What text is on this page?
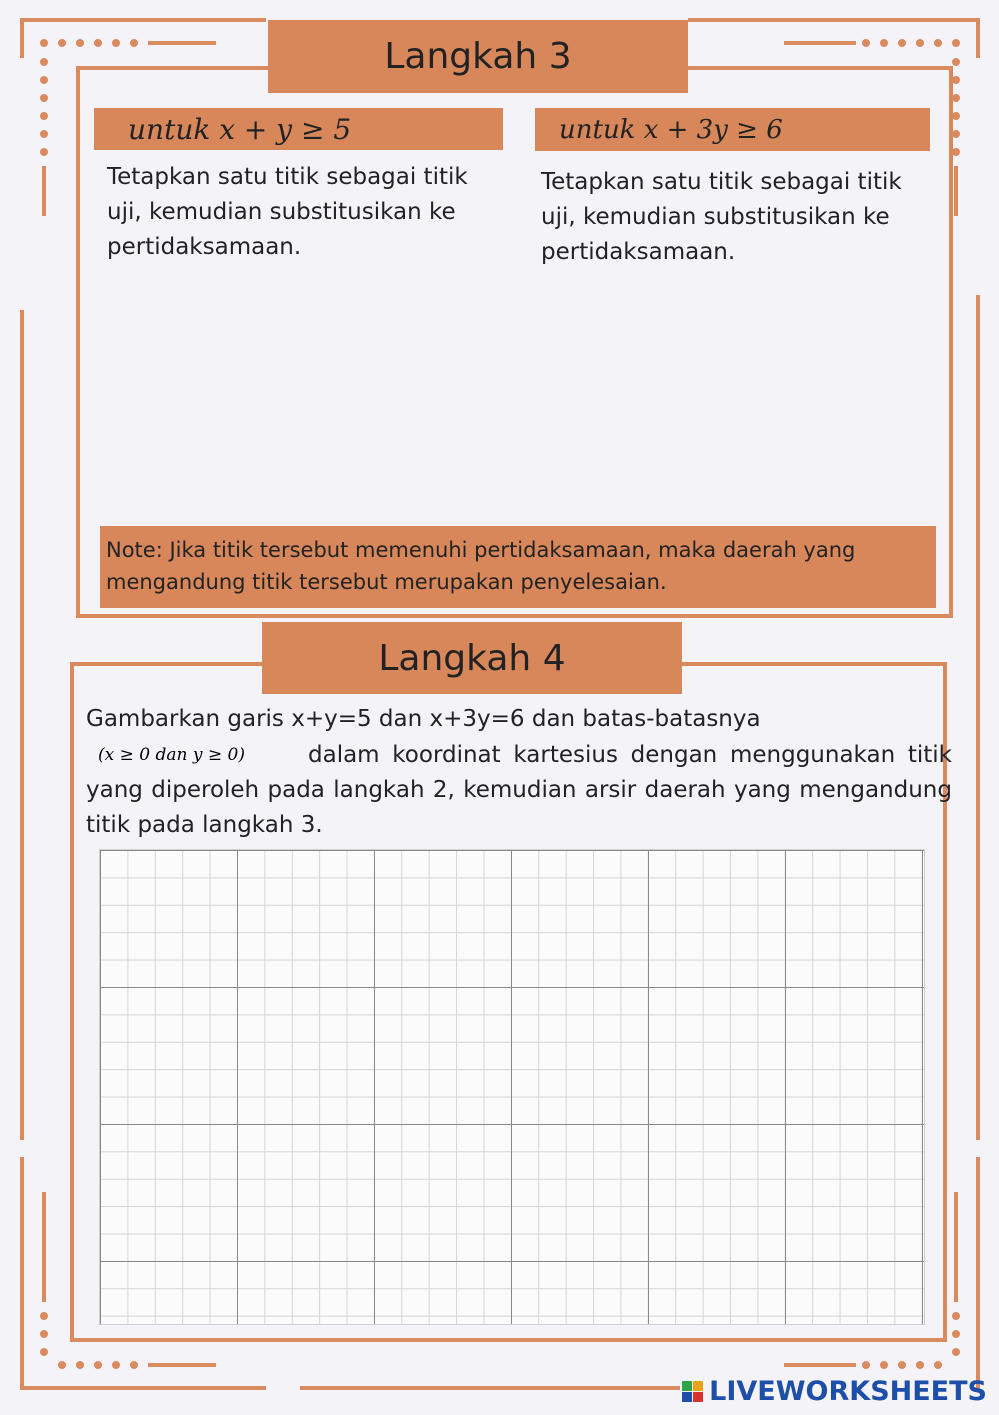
Langkah 3
untuk x + y ≥ 5	untuk x + 3y ≥ 6
Tetapkan satu titik sebagai titik uji, kemudian substitusikan ke pertidaksamaan.
Tetapkan satu titik sebagai titik uji, kemudian substitusikan ke pertidaksamaan.
Note: Jika titik tersebut memenuhi pertidaksamaan, maka daerah yang mengandung titik tersebut merupakan penyelesaian.
Langkah 4
Gambarkan garis x+y=5 dan x+3y=6 dan batas-batasnya
(x ≥ 0 dan y ≥ 0)	dalam koordinat kartesius dengan menggunakan titik yang diperoleh pada langkah 2, kemudian arsir daerah yang mengandung titik pada langkah 3.
LIVEWORKSHEETS
